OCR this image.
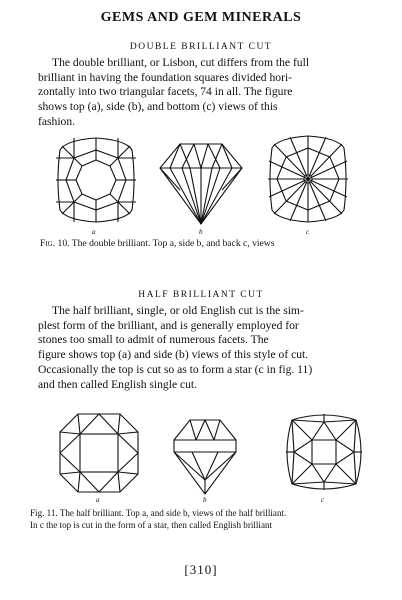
GEMS AND GEM MINERALS
DOUBLE BRILLIANT CUT
The double brilliant, or Lisbon, cut differs from the full
brilliant in having the foundation squares divided hori-
zontally into two triangular facets, 74 in all. The figure
shows top (a), side (b), and bottom (c) views of this
fashion.
a	b	c
Fig. 10. The double brilliant. Top a, side b, and back c, views
HALF BRILLIANT CUT
The half brilliant, single, or old English cut is the sim-
plest form of the brilliant, and is generally employed for
stones too small to admit of numerous facets. The
figure shows top (a) and side (b) views of this style of cut.
Occasionally the top is cut so as to form a star (c in fig. 11)
and then called English single cut.
a	b	c
Fig. 11. The half brilliant. Top a, and side b, views of the half brilliant.
In c the top is cut in the form of a star, then called English brilliant
[310]
